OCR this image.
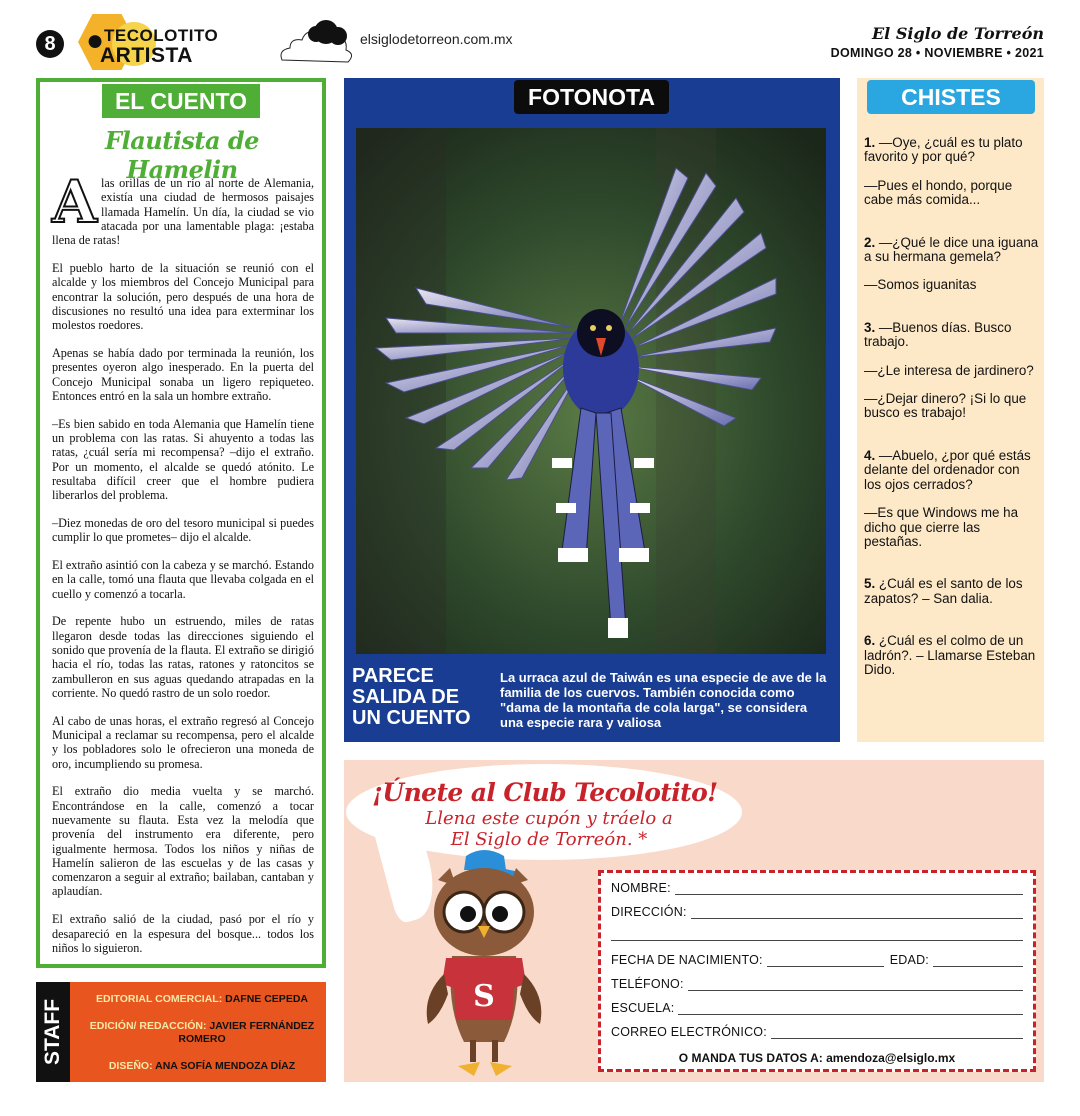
8 ● TECOLOTITO
ARTISTA
elsiglodetorreon.com.mx	El Siglo de Torreón
DOMINGO 28 • NOVIEMBRE • 2021
EL CUENTO
Flautista de Hamelin

Alas orillas de un río al norte de Alemania, existía una ciudad de hermosos paisajes llamada Hamelín. Un día, la ciudad se vio atacada por una lamentable plaga: ¡estaba llena de ratas!

El pueblo harto de la situación se reunió con el alcalde y los miembros del Concejo Municipal para encontrar la solución, pero después de una hora de discusiones no resultó una idea para exterminar los molestos roedores.

Apenas se había dado por terminada la reunión, los presentes oyeron algo inesperado. En la puerta del Concejo Municipal sonaba un ligero repiqueteo. Entonces entró en la sala un hombre extraño.

–Es bien sabido en toda Alemania que Hamelín tiene un problema con las ratas. Si ahuyento a todas las ratas, ¿cuál sería mi recompensa? –dijo el extraño. Por un momento, el alcalde se quedó atónito. Le resultaba difícil creer que el hombre pudiera liberarlos del problema.

–Diez monedas de oro del tesoro municipal si puedes cumplir lo que prometes– dijo el alcalde.

El extraño asintió con la cabeza y se marchó. Estando en la calle, tomó una flauta que llevaba colgada en el cuello y comenzó a tocarla.

De repente hubo un estruendo, miles de ratas llegaron desde todas las direcciones siguiendo el sonido que provenía de la flauta. El extraño se dirigió hacia el río, todas las ratas, ratones y ratoncitos se zambulleron en sus aguas quedando atrapadas en la corriente. No quedó rastro de un solo roedor.

Al cabo de unas horas, el extraño regresó al Concejo Municipal a reclamar su recompensa, pero el alcalde y los pobladores solo le ofrecieron una moneda de oro, incumpliendo su promesa.

El extraño dio media vuelta y se marchó. Encontrándose en la calle, comenzó a tocar nuevamente su flauta. Esta vez la melodía que provenía del instrumento era diferente, pero igualmente hermosa. Todos los niños y niñas de Hamelín salieron de las escuelas y de las casas y comenzaron a seguir al extraño; bailaban, cantaban y aplaudían.

El extraño salió de la ciudad, pasó por el río y desapareció en la espesura del bosque... todos los niños lo siguieron.

STAFF	EDITORIAL COMERCIAL: DAFNE CEPEDA
EDICIÓN/ REDACCIÓN: JAVIER FERNÁNDEZ ROMERO
DISEÑO: ANA SOFÍA MENDOZA DÍAZ
FOTONOTA
PARECE SALIDA DE UN CUENTO
La urraca azul de Taiwán es una especie de ave de la familia de los cuervos. También conocida como "dama de la montaña de cola larga", se considera una especie rara y valiosa
CHISTES

1. —Oye, ¿cuál es tu plato favorito y por qué?

—Pues el hondo, porque cabe más comida...

2. —¿Qué le dice una iguana a su hermana gemela?

—Somos iguanitas

3. —Buenos días. Busco trabajo.

—¿Le interesa de jardinero?

—¿Dejar dinero? ¡Si lo que busco es trabajo!

4. —Abuelo, ¿por qué estás delante del ordenador con los ojos cerrados?

—Es que Windows me ha dicho que cierre las pestañas.

5. ¿Cuál es el santo de los zapatos? – San dalia.

6. ¿Cuál es el colmo de un ladrón?. – Llamarse Esteban Dido.

¡Únete al Club Tecolotito!
Llena este cupón y tráelo a
El Siglo de Torreón. *
S
NOMBRE:
DIRECCIÓN:
FECHA DE NACIMIENTO:	EDAD:
TELÉFONO:
ESCUELA:
CORREO ELECTRÓNICO:
O MANDA TUS DATOS A: amendoza@elsiglo.mx
